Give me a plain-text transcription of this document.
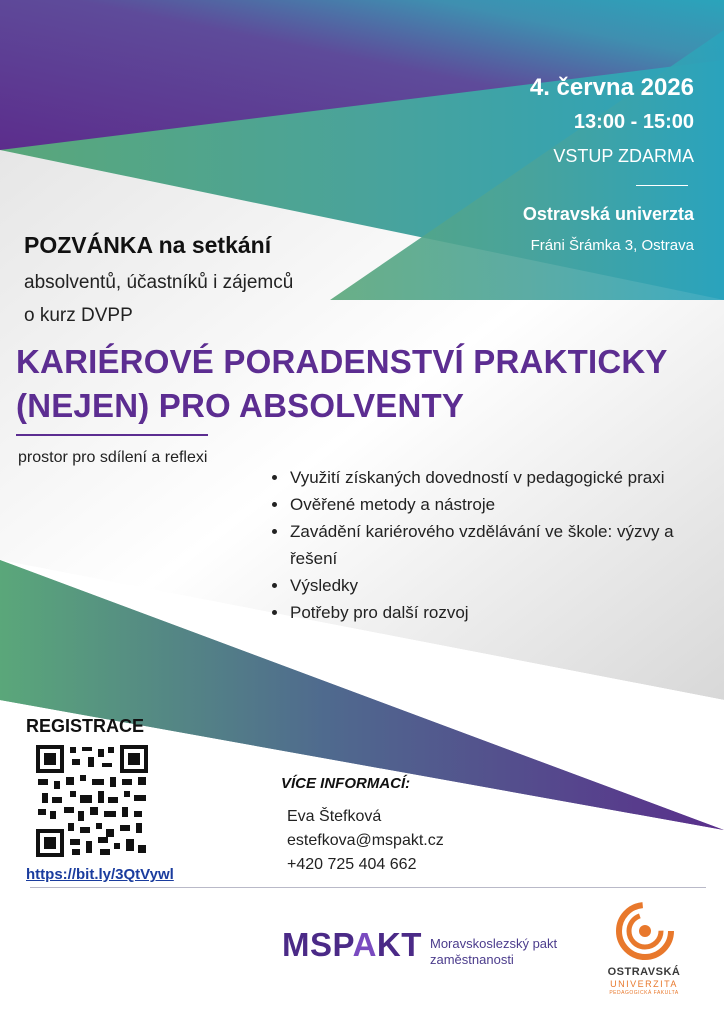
4. června 2026
13:00 - 15:00
VSTUP ZDARMA
Ostravská univerzta
Fráni Šrámka 3, Ostrava
POZVÁNKA na setkání
absolventů, účastníků i zájemců
o kurz DVPP
KARIÉROVÉ PORADENSTVÍ PRAKTICKY
(NEJEN) PRO ABSOLVENTY
prostor pro sdílení a reflexi
Využití získaných dovedností v pedagogické praxi
Ověřené metody a nástroje
Zavádění kariérového vzdělávání ve škole: výzvy a řešení
Výsledky
Potřeby pro další rozvoj
REGISTRACE
https://bit.ly/3QtVywl
VÍCE INFORMACÍ:
Eva Štefková
estefkova@mspakt.cz
+420 725 404 662
MSPAKT Moravskoslezský pakt
zaměstnanosti
OSTRAVSKÁ
UNIVERZITA
PEDAGOGICKÁ FAKULTA
